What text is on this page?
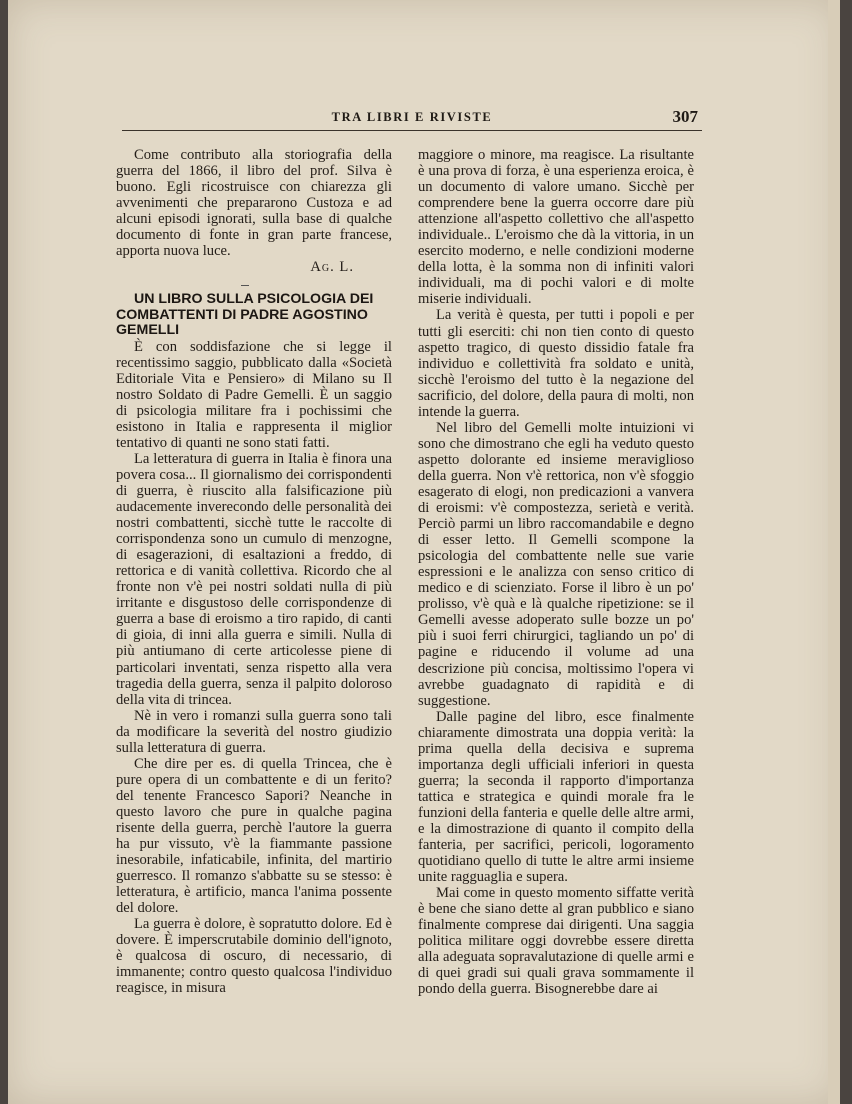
TRA LIBRI E RIVISTE	307

Come contributo alla storiografia della guerra del 1866, il libro del prof. Silva è buono. Egli ricostruisce con chiarezza gli avvenimenti che prepararono Custoza e ad alcuni episodi ignorati, sulla base di qualche documento di fonte in gran parte francese, apporta nuova luce.

Ag. L.

UN LIBRO SULLA PSICOLOGIA DEI COMBATTENTI DI PADRE AGOSTINO GEMELLI

È con soddisfazione che si legge il recentissimo saggio, pubblicato dalla «Società Editoriale Vita e Pensiero» di Milano su Il nostro Soldato di Padre Gemelli. È un saggio di psicologia militare fra i pochissimi che esistono in Italia e rappresenta il miglior tentativo di quanti ne sono stati fatti.

La letteratura di guerra in Italia è finora una povera cosa... Il giornalismo dei corrispondenti di guerra, è riuscito alla falsificazione più audacemente inverecondo delle personalità dei nostri combattenti, sicchè tutte le raccolte di corrispondenza sono un cumulo di menzogne, di esagerazioni, di esaltazioni a freddo, di rettorica e di vanità collettiva. Ricordo che al fronte non v'è pei nostri soldati nulla di più irritante e disgustoso delle corrispondenze di guerra a base di eroismo a tiro rapido, di canti di gioia, di inni alla guerra e simili. Nulla di più antiumano di certe articolesse piene di particolari inventati, senza rispetto alla vera tragedia della guerra, senza il palpito doloroso della vita di trincea.

Nè in vero i romanzi sulla guerra sono tali da modificare la severità del nostro giudizio sulla letteratura di guerra.

Che dire per es. di quella Trincea, che è pure opera di un combattente e di un ferito? del tenente Francesco Sapori? Neanche in questo lavoro che pure in qualche pagina risente della guerra, perchè l'autore la guerra ha pur vissuto, v'è la fiammante passione inesorabile, infaticabile, infinita, del martirio guerresco. Il romanzo s'abbatte su se stesso: è letteratura, è artificio, manca l'anima possente del dolore.

La guerra è dolore, è sopratutto dolore. Ed è dovere. È imperscrutabile dominio dell'ignoto, è qualcosa di oscuro, di necessario, di immanente; contro questo qualcosa l'individuo reagisce, in misura

maggiore o minore, ma reagisce. La risultante è una prova di forza, è una esperienza eroica, è un documento di valore umano. Sicchè per comprendere bene la guerra occorre dare più attenzione all'aspetto collettivo che all'aspetto individuale.. L'eroismo che dà la vittoria, in un esercito moderno, e nelle condizioni moderne della lotta, è la somma non di infiniti valori individuali, ma di pochi valori e di molte miserie individuali.

La verità è questa, per tutti i popoli e per tutti gli eserciti: chi non tien conto di questo aspetto tragico, di questo dissidio fatale fra individuo e collettività fra soldato e unità, sicchè l'eroismo del tutto è la negazione del sacrificio, del dolore, della paura di molti, non intende la guerra.

Nel libro del Gemelli molte intuizioni vi sono che dimostrano che egli ha veduto questo aspetto dolorante ed insieme meraviglioso della guerra. Non v'è rettorica, non v'è sfoggio esagerato di elogi, non predicazioni a vanvera di eroismi: v'è compostezza, serietà e verità. Perciò parmi un libro raccomandabile e degno di esser letto. Il Gemelli scompone la psicologia del combattente nelle sue varie espressioni e le analizza con senso critico di medico e di scienziato. Forse il libro è un po' prolisso, v'è quà e là qualche ripetizione: se il Gemelli avesse adoperato sulle bozze un po' più i suoi ferri chirurgici, tagliando un po' di pagine e riducendo il volume ad una descrizione più concisa, moltissimo l'opera vi avrebbe guadagnato di rapidità e di suggestione.

Dalle pagine del libro, esce finalmente chiaramente dimostrata una doppia verità: la prima quella della decisiva e suprema importanza degli ufficiali inferiori in questa guerra; la seconda il rapporto d'importanza tattica e strategica e quindi morale fra le funzioni della fanteria e quelle delle altre armi, e la dimostrazione di quanto il compito della fanteria, per sacrifici, pericoli, logoramento quotidiano quello di tutte le altre armi insieme unite ragguaglia e supera.

Mai come in questo momento siffatte verità è bene che siano dette al gran pubblico e siano finalmente comprese dai dirigenti. Una saggia politica militare oggi dovrebbe essere diretta alla adeguata sopravalutazione di quelle armi e di quei gradi sui quali grava sommamente il pondo della guerra. Bisognerebbe dare ai
